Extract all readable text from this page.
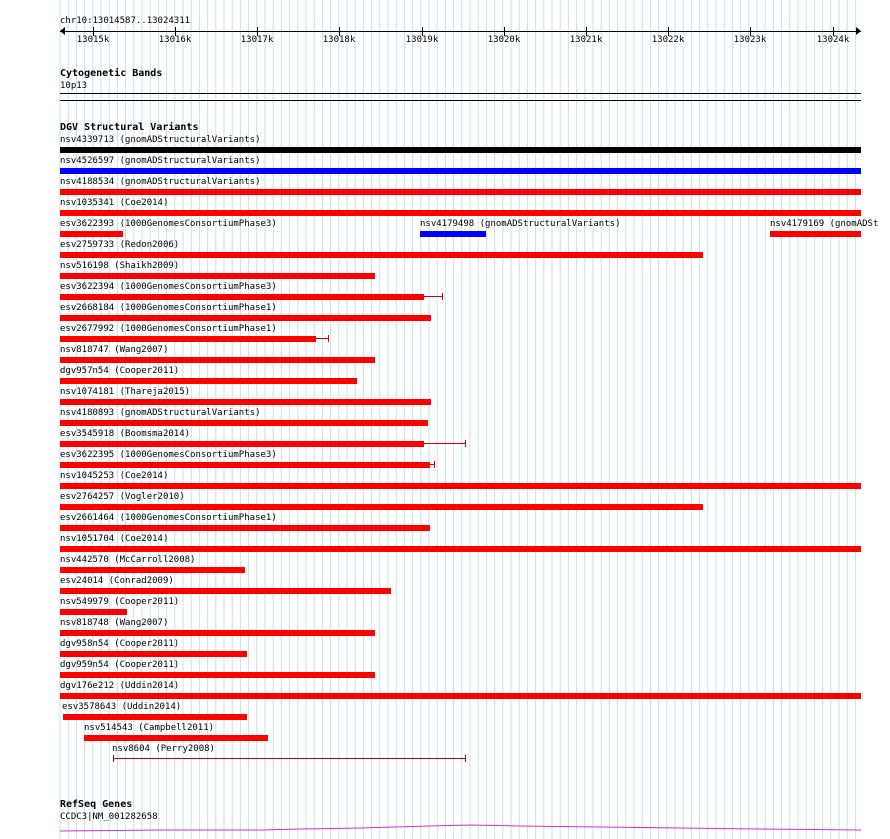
chr10:13014587..13024311
13015k	13016k	13017k	13018k	13019k	13020k	13021k	13022k	13023k	13024k
Cytogenetic Bands
10p13
DGV Structural Variants
nsv4339713 (gnomADStructuralVariants)
nsv4526597 (gnomADStructuralVariants)
nsv4188534 (gnomADStructuralVariants)
nsv1035341 (Coe2014)
esv3622393 (1000GenomesConsortiumPhase3)	nsv4179498 (gnomADStructuralVariants)	nsv4179169 (gnomADSt
esv2759733 (Redon2006)
nsv516198 (Shaikh2009)
esv3622394 (1000GenomesConsortiumPhase3)
esv2668184 (1000GenomesConsortiumPhase1)
esv2677992 (1000GenomesConsortiumPhase1)
nsv818747 (Wang2007)
dgv957n54 (Cooper2011)
nsv1074181 (Thareja2015)
nsv4180893 (gnomADStructuralVariants)
esv3545918 (Boomsma2014)
esv3622395 (1000GenomesConsortiumPhase3)
nsv1045253 (Coe2014)
esv2764257 (Vogler2010)
esv2661464 (1000GenomesConsortiumPhase1)
nsv1051704 (Coe2014)
nsv442570 (McCarroll2008)
esv24014 (Conrad2009)
nsv549979 (Cooper2011)
nsv818748 (Wang2007)
dgv958n54 (Cooper2011)
dgv959n54 (Cooper2011)
dgv176e212 (Uddin2014)
esv3578643 (Uddin2014)
nsv514543 (Campbell2011)
nsv8604 (Perry2008)
RefSeq Genes
CCDC3|NM_001282658
